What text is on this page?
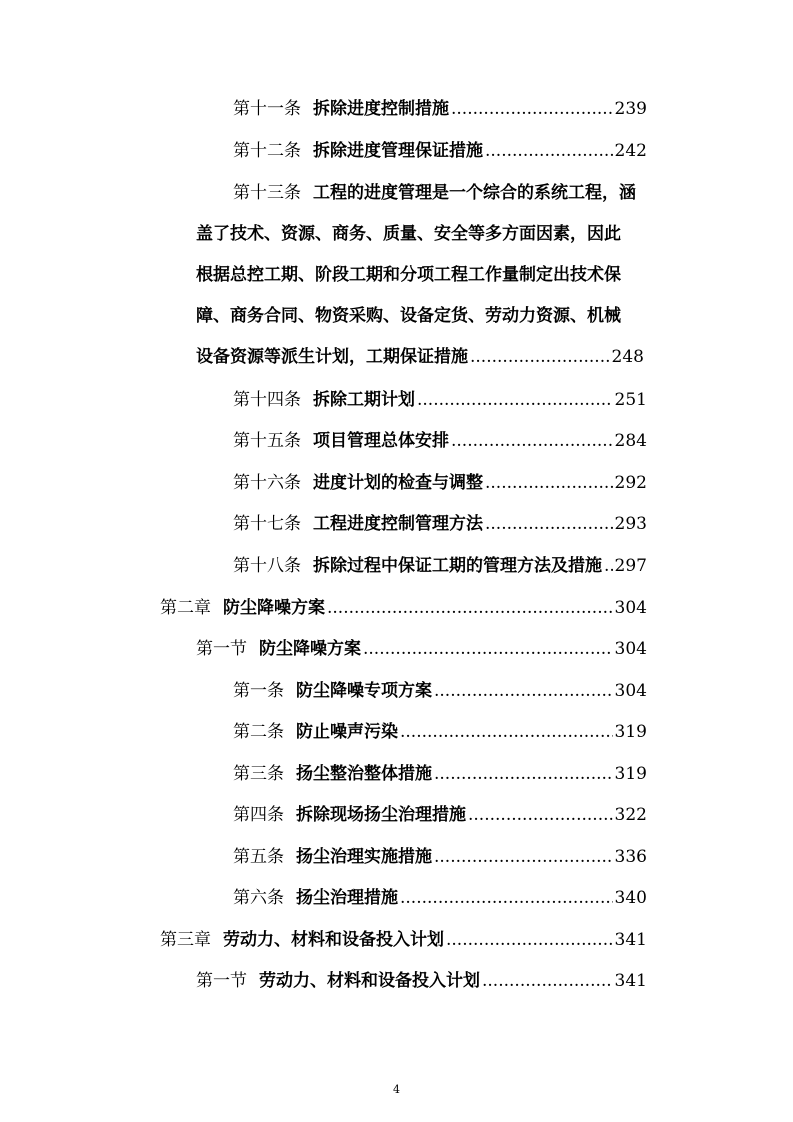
第十一条 拆除进度控制措施 .....	239
第十二条 拆除进度管理保证措施 .....	242
第十三条 工程的进度管理是一个综合的系统工程，涵
盖了技术、资源、商务、质量、安全等多方面因素，因此
根据总控工期、阶段工期和分项工程工作量制定出技术保
障、商务合同、物资采购、设备定货、劳动力资源、机械
设备资源等派生计划，工期保证措施 .....	248
第十四条 拆除工期计划 .....	251
第十五条 项目管理总体安排 .....	284
第十六条 进度计划的检查与调整 .....	292
第十七条 工程进度控制管理方法 .....	293
第十八条 拆除过程中保证工期的管理方法及措施 ..... 297
第二章 防尘降噪方案 .....	304
第一节 防尘降噪方案 .....	304
第一条 防尘降噪专项方案 .....	304
第二条 防止噪声污染 .....	319
第三条 扬尘整治整体措施 .....	319
第四条 拆除现场扬尘治理措施 .....	322
第五条 扬尘治理实施措施 .....	336
第六条 扬尘治理措施 .....	340
第三章 劳动力、材料和设备投入计划 .....	341
第一节 劳动力、材料和设备投入计划 .....	341
4
